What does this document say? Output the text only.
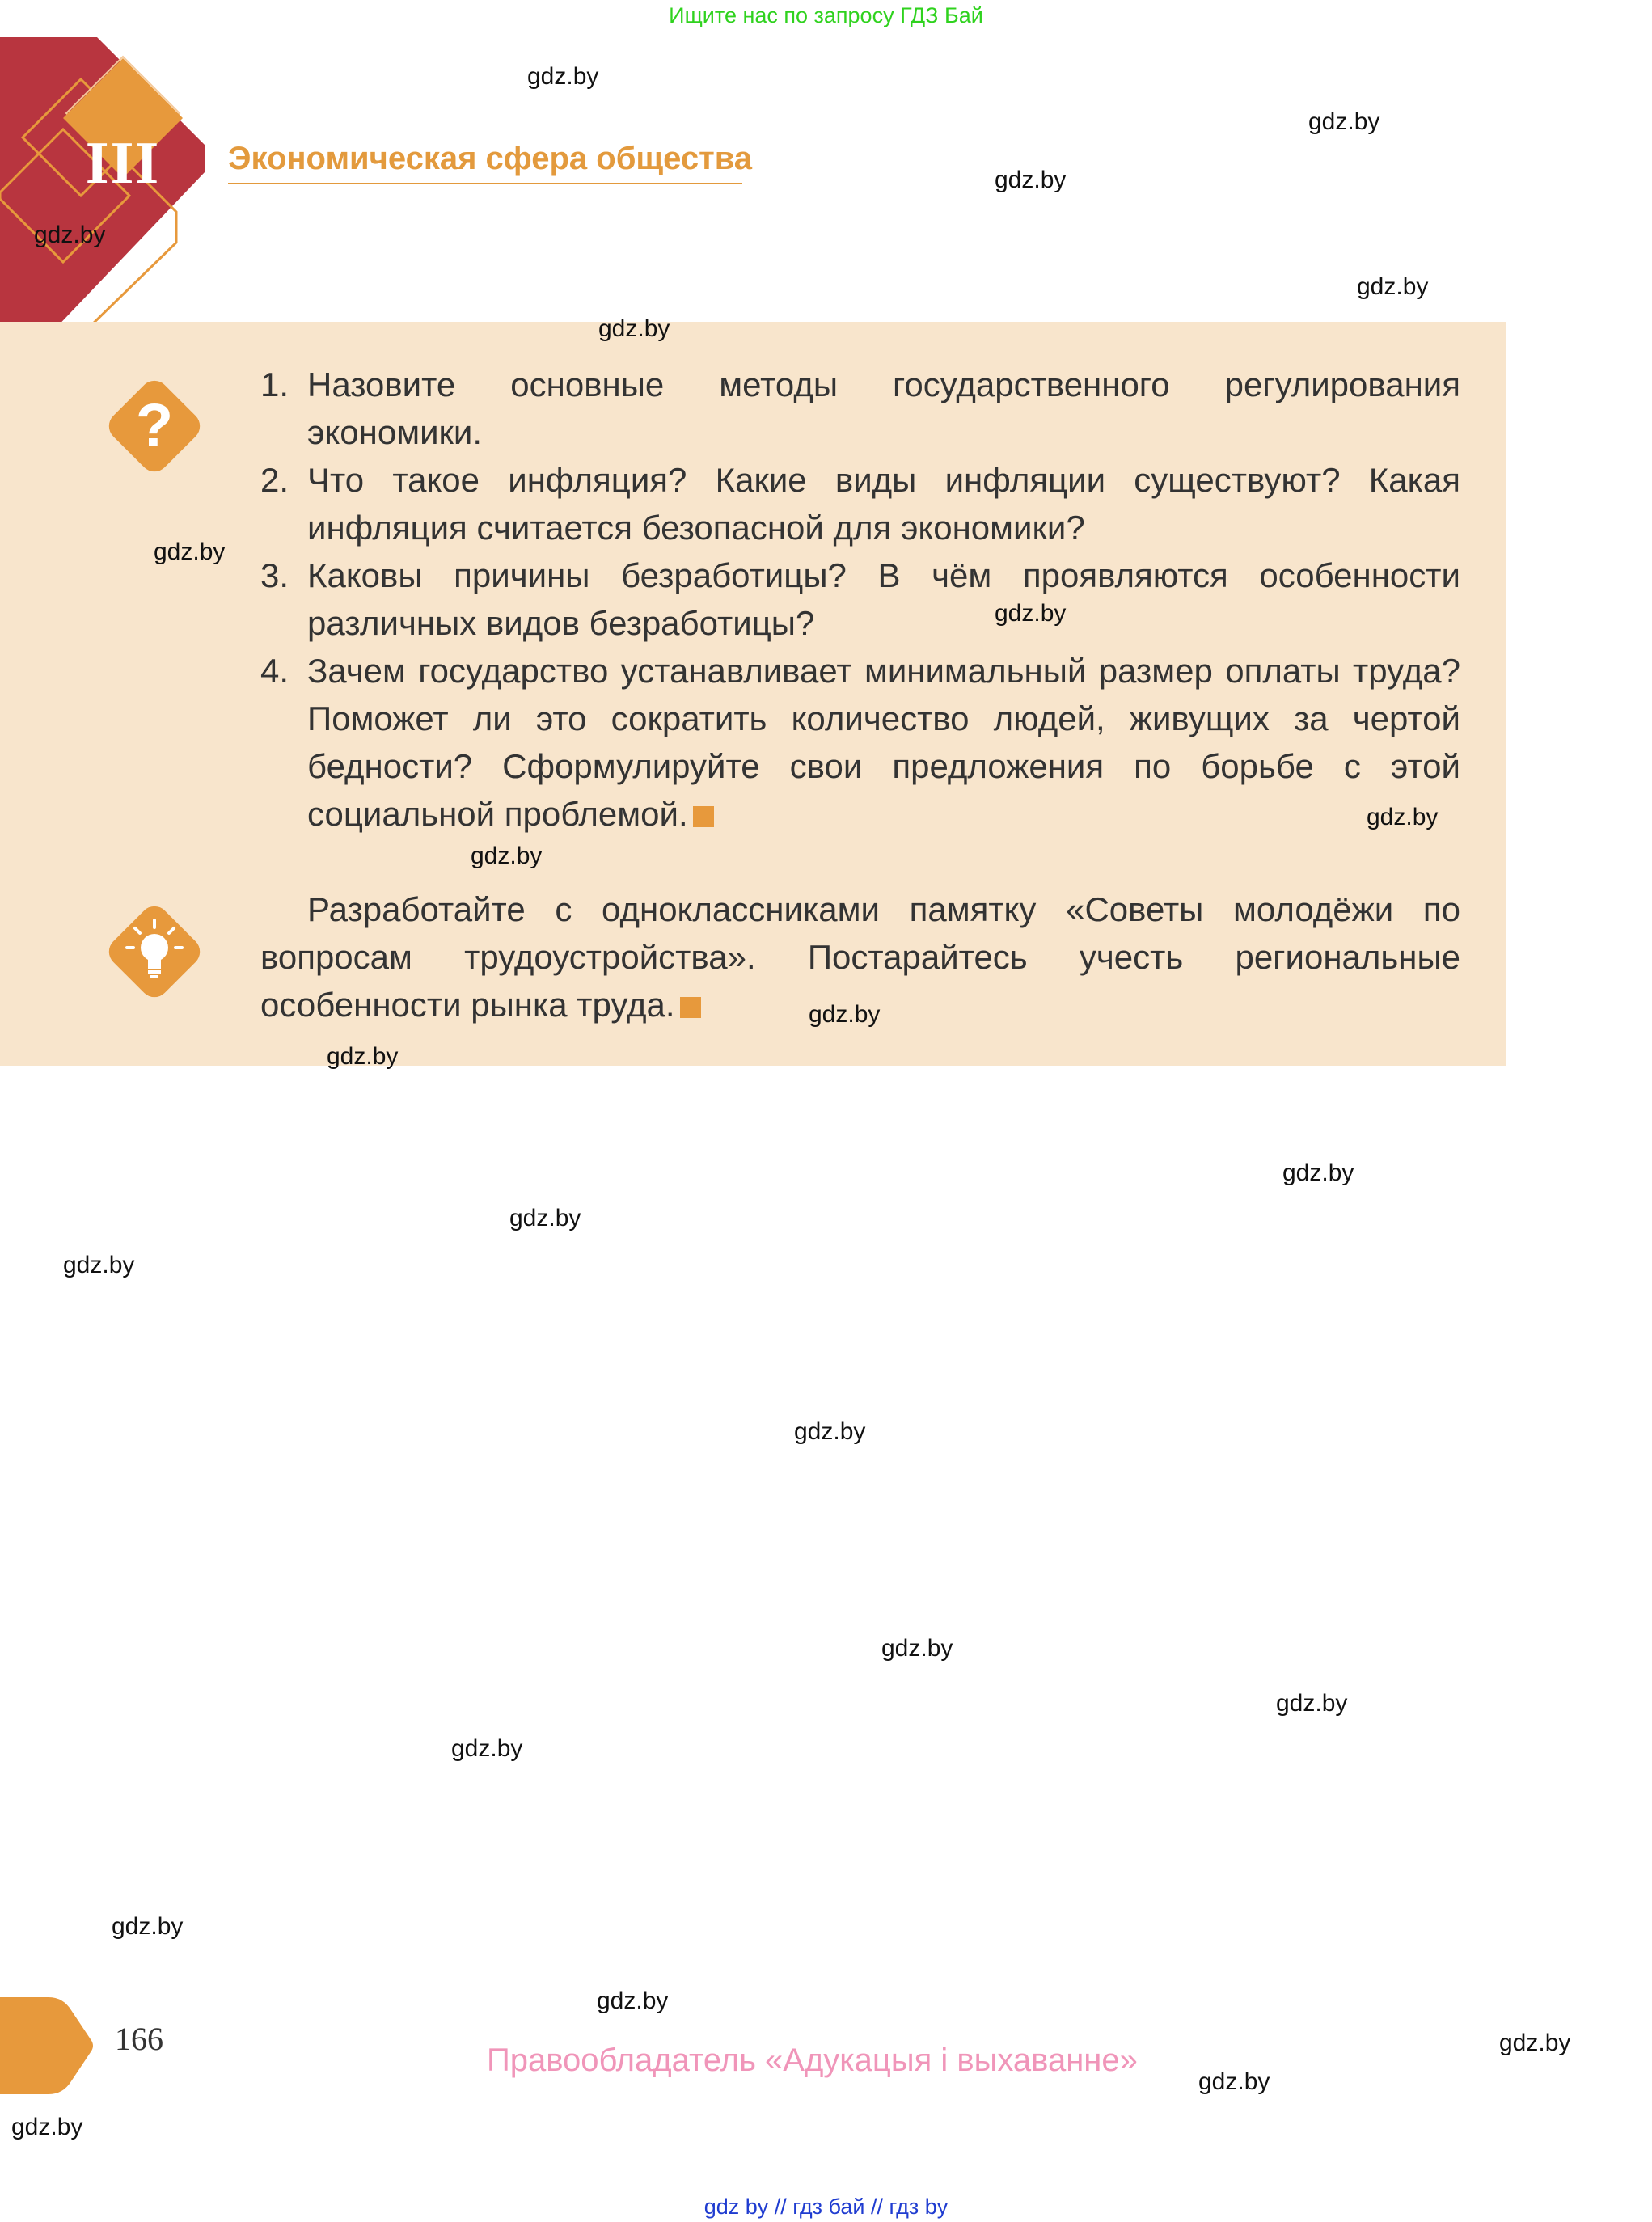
Ищите нас по запросу ГДЗ Бай
III	Экономическая сфера общества
?
1. Назовите основные методы государственного регулирования экономики.
2. Что такое инфляция? Какие виды инфляции существуют? Какая инфляция считается безопасной для экономики?
3. Каковы причины безработицы? В чём проявляются особенности различных видов безработицы?
4. Зачем государство устанавливает минимальный размер оплаты труда? Поможет ли это сократить количество людей, живущих за чертой бедности? Сформулируйте свои предложения по борьбе с этой социальной проблемой.

Разработайте с одноклассниками памятку «Советы молодёжи по вопросам трудоустройства». Постарайтесь учесть региональные особенности рынка труда.

gdz.by
gdz.by
gdz.by
gdz.by
gdz.by
gdz.by
gdz.by
gdz.by
gdz.by
gdz.by
gdz.by
gdz.by
gdz.by
gdz.by
gdz.by
gdz.by
gdz.by
gdz.by
gdz.by
gdz.by
gdz.by
gdz.by
gdz.by
gdz.by
166
Правообладатель «Адукацыя і выхаванне»
gdz by // гдз бай // гдз by
